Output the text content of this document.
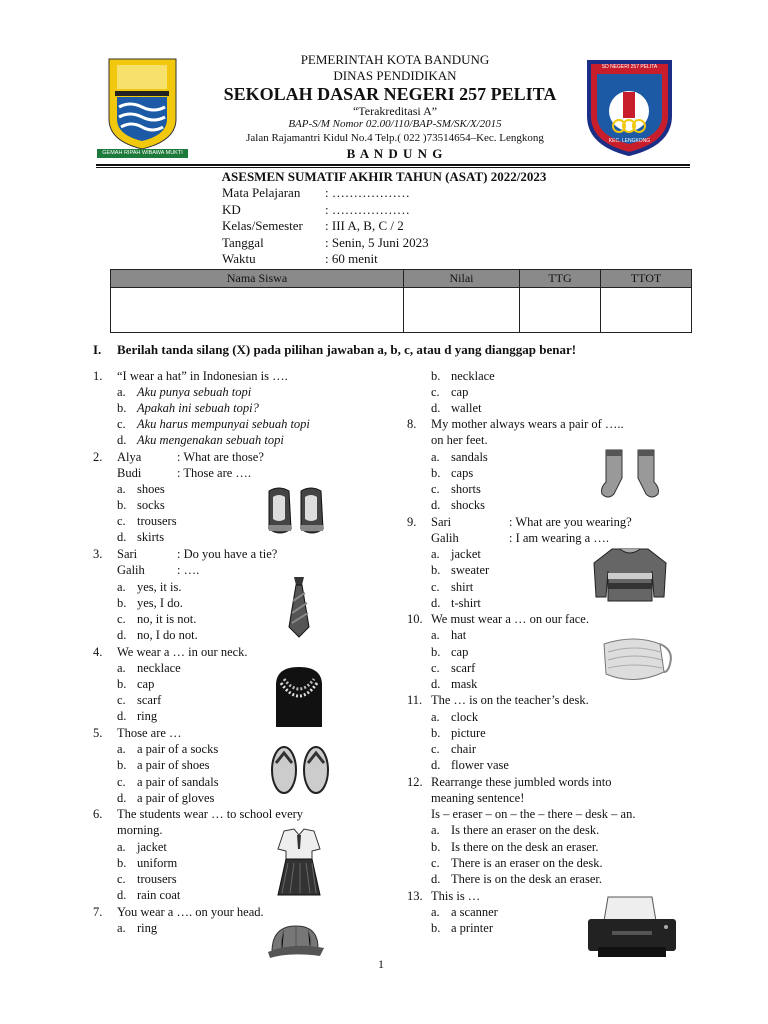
GEMAH RIPAH WIBAWA MUKTI
SD NEGERI 257 PELITA
KEC. LENGKONG
PEMERINTAH KOTA BANDUNG
DINAS PENDIDIKAN
SEKOLAH DASAR NEGERI 257 PELITA
“Terakreditasi A”
BAP-S/M Nomor 02.00/110/BAP-SM/SK/X/2015
Jalan Rajamantri Kidul No.4 Telp.( 022 )73514654–Kec. Lengkong
B A N D U N G
ASESMEN SUMATIF AKHIR TAHUN (ASAT) 2022/2023
Mata Pelajaran : ………………
KD	: ………………
Kelas/Semester : III A, B, C / 2
Tanggal	: Senin, 5 Juni 2023
Waktu	: 60 menit
Nama Siswa	Nilai	TTG	TTOT

I. Berilah tanda silang (X) pada pilihan jawaban a, b, c, atau d yang dianggap benar!
1. “I wear a hat” in Indonesian is ….
a. Aku punya sebuah topi
b. Apakah ini sebuah topi?
c. Aku harus mempunyai sebuah topi
d. Aku mengenakan sebuah topi
2. Alya	: What are those?
Budi	: Those are ….
a. shoes
b. socks
c. trousers
d. skirts
3. Sari	: Do you have a tie?
Galih	: ….
a. yes, it is.
b. yes, I do.
c. no, it is not.
d. no, I do not.
4. We wear a … in our neck.
a. necklace
b. cap
c. scarf
d. ring
5. Those are …
a. a pair of a socks
b. a pair of shoes
c. a pair of sandals
d. a pair of gloves
6. The students wear … to school every
morning.
a. jacket
b. uniform
c. trousers
d. rain coat
7. You wear a …. on your head.
a. ring
b. necklace
c. cap
d. wallet
8. My mother always wears a pair of …..
on her feet.
a. sandals
b. caps
c. shorts
d. shocks
9. Sari	: What are you wearing?
Galih	: I am wearing a ….
a. jacket
b. sweater
c. shirt
d. t-shirt
10. We must wear a … on our face.
a. hat
b. cap
c. scarf
d. mask
11. The … is on the teacher’s desk.
a. clock
b. picture
c. chair
d. flower vase
12. Rearrange these jumbled words into
meaning sentence!
Is – eraser – on – the – there – desk – an.
a. Is there an eraser on the desk.
b. Is there on the desk an eraser.
c. There is an eraser on the desk.
d. There is on the desk an eraser.
13. This is …
a. a scanner
b. a printer
1
